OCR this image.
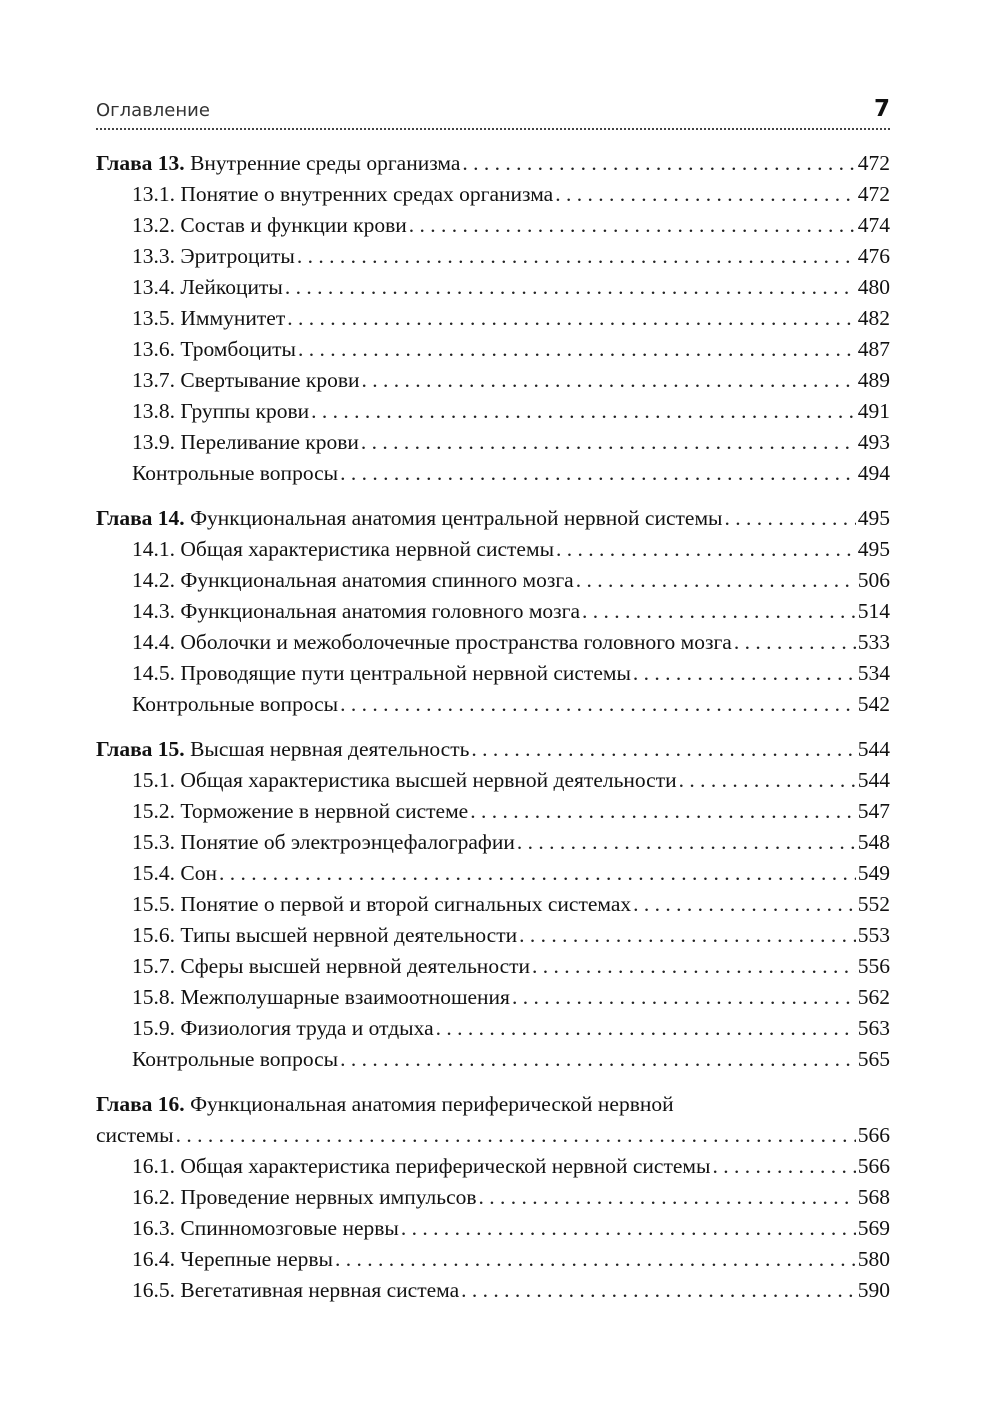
Оглавление	7
Глава 13. Внутренние среды организма . . .	472
13.1. Понятие о внутренних средах организма . . .	472
13.2. Состав и функции крови . . .	474
13.3. Эритроциты . . .	476
13.4. Лейкоциты . . .	480
13.5. Иммунитет . . .	482
13.6. Тромбоциты . . .	487
13.7. Свертывание крови . . .	489
13.8. Группы крови . . .	491
13.9. Переливание крови . . .	493
Контрольные вопросы . . .	494
Глава 14. Функциональная анатомия центральной нервной системы . . .	495
14.1. Общая характеристика нервной системы . . .	495
14.2. Функциональная анатомия спинного мозга . . .	506
14.3. Функциональная анатомия головного мозга . . .	514
14.4. Оболочки и межоболочечные пространства головного мозга . . .	533
14.5. Проводящие пути центральной нервной системы . . .	534
Контрольные вопросы . . .	542
Глава 15. Высшая нервная деятельность . . .	544
15.1. Общая характеристика высшей нервной деятельности . . .	544
15.2. Торможение в нервной системе . . .	547
15.3. Понятие об электроэнцефалографии . . .	548
15.4. Сон . . .	549
15.5. Понятие о первой и второй сигнальных системах . . .	552
15.6. Типы высшей нервной деятельности . . .	553
15.7. Сферы высшей нервной деятельности . . .	556
15.8. Межполушарные взаимоотношения . . .	562
15.9. Физиология труда и отдыха . . .	563
Контрольные вопросы . . .	565
Глава 16. Функциональная анатомия периферической нервной
системы . . .	566
16.1. Общая характеристика периферической нервной системы . . .	566
16.2. Проведение нервных импульсов . . .	568
16.3. Спинномозговые нервы . . .	569
16.4. Черепные нервы . . .	580
16.5. Вегетативная нервная система . . .	590
